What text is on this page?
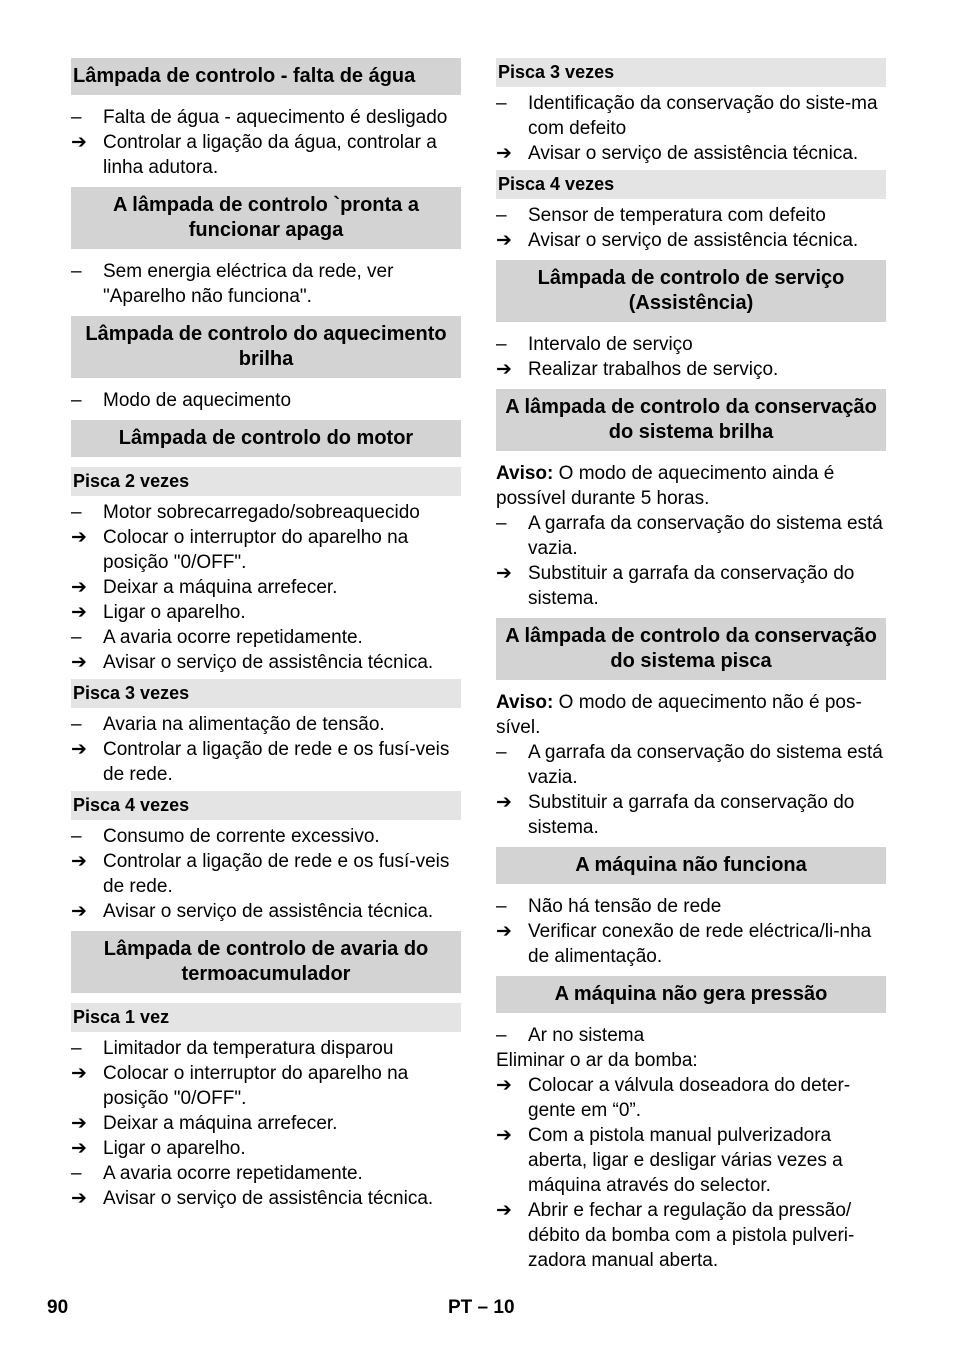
Lâmpada de controlo - falta de água
–	Falta de água - aquecimento é desligado
➔ Controlar a ligação da água, controlar a linha adutora.
A lâmpada de controlo `pronta a funcionar apaga
–	Sem energia eléctrica da rede, ver "Aparelho não funciona".
Lâmpada de controlo do aquecimento brilha
–	Modo de aquecimento
Lâmpada de controlo do motor
Pisca 2 vezes
–	Motor sobrecarregado/sobreaquecido
➔ Colocar o interruptor do aparelho na posição "0/OFF".
➔ Deixar a máquina arrefecer.
➔ Ligar o aparelho.
–	A avaria ocorre repetidamente.
➔ Avisar o serviço de assistência técnica.
Pisca 3 vezes
–	Avaria na alimentação de tensão.
➔ Controlar a ligação de rede e os fusí-veis de rede.
Pisca 4 vezes
–	Consumo de corrente excessivo.
➔ Controlar a ligação de rede e os fusí-veis de rede.
➔ Avisar o serviço de assistência técnica.
Lâmpada de controlo de avaria do termoacumulador
Pisca 1 vez
–	Limitador da temperatura disparou
➔ Colocar o interruptor do aparelho na posição "0/OFF".
➔ Deixar a máquina arrefecer.
➔ Ligar o aparelho.
–	A avaria ocorre repetidamente.
➔ Avisar o serviço de assistência técnica.
Pisca 3 vezes
–	Identificação da conservação do siste-ma com defeito
➔ Avisar o serviço de assistência técnica.
Pisca 4 vezes
–	Sensor de temperatura com defeito
➔ Avisar o serviço de assistência técnica.
Lâmpada de controlo de serviço (Assistência)
–	Intervalo de serviço
➔ Realizar trabalhos de serviço.
A lâmpada de controlo da conservação do sistema brilha
Aviso: O modo de aquecimento ainda é possível durante 5 horas.
–	A garrafa da conservação do sistema está vazia.
➔ Substituir a garrafa da conservação do sistema.
A lâmpada de controlo da conservação do sistema pisca
Aviso: O modo de aquecimento não é pos-sível.
–	A garrafa da conservação do sistema está vazia.
➔ Substituir a garrafa da conservação do sistema.
A máquina não funciona
–	Não há tensão de rede
➔ Verificar conexão de rede eléctrica/li-nha de alimentação.
A máquina não gera pressão
–	Ar no sistema
Eliminar o ar da bomba:
➔ Colocar a válvula doseadora do deter-gente em “0”.
➔ Com a pistola manual pulverizadora aberta, ligar e desligar várias vezes a máquina através do selector.
➔ Abrir e fechar a regulação da pressão/ débito da bomba com a pistola pulveri-zadora manual aberta.
90	PT – 10
